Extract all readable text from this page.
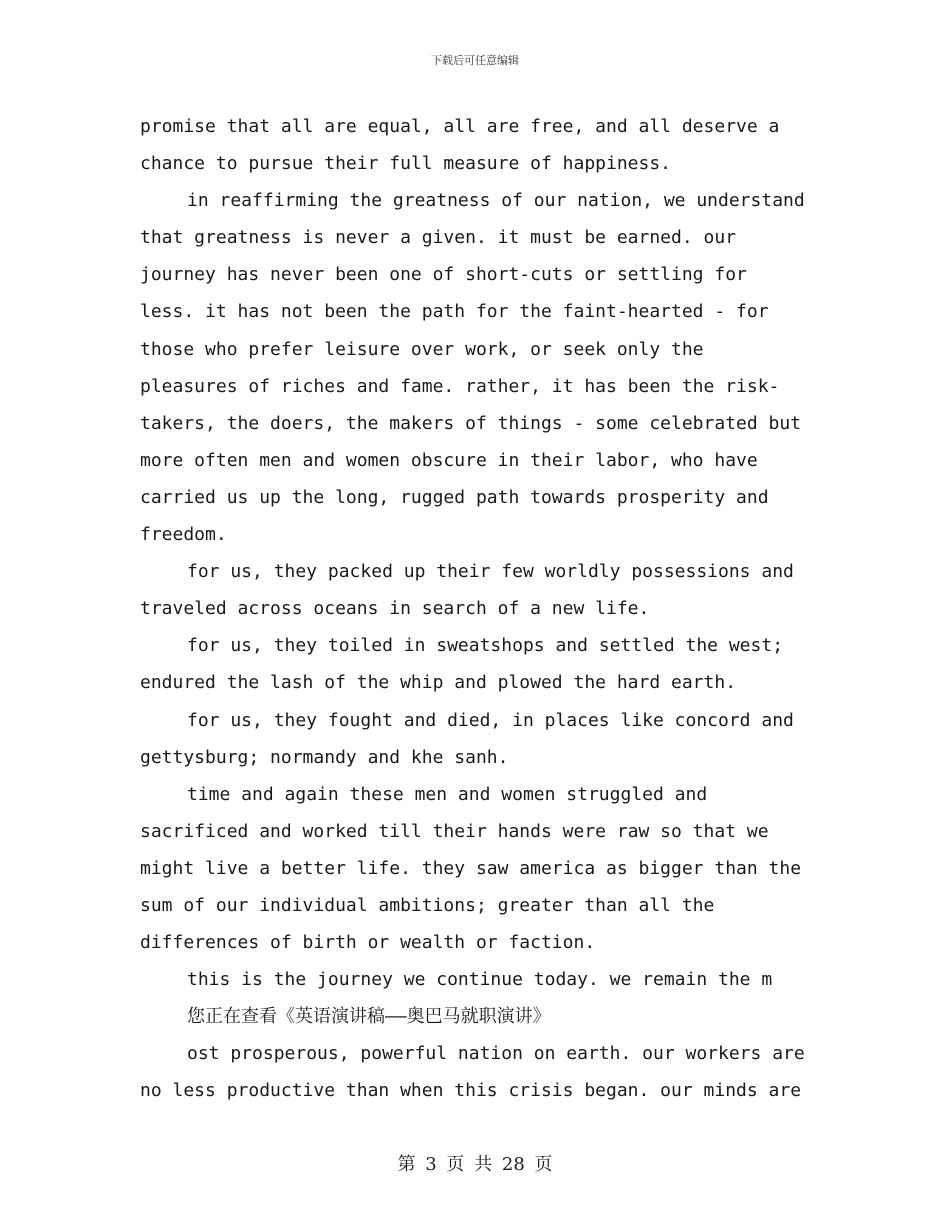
下载后可任意编辑
promise that all are equal, all are free, and all deserve a
chance to pursue their full measure of happiness.
in reaffirming the greatness of our nation, we understand
that greatness is never a given. it must be earned. our
journey has never been one of short-cuts or settling for
less. it has not been the path for the faint-hearted - for
those who prefer leisure over work, or seek only the
pleasures of riches and fame. rather, it has been the risk-
takers, the doers, the makers of things - some celebrated but
more often men and women obscure in their labor, who have
carried us up the long, rugged path towards prosperity and
freedom.
for us, they packed up their few worldly possessions and
traveled across oceans in search of a new life.
for us, they toiled in sweatshops and settled the west;
endured the lash of the whip and plowed the hard earth.
for us, they fought and died, in places like concord and
gettysburg; normandy and khe sanh.
time and again these men and women struggled and
sacrificed and worked till their hands were raw so that we
might live a better life. they saw america as bigger than the
sum of our individual ambitions; greater than all the
differences of birth or wealth or faction.
this is the journey we continue today. we remain the m
您正在查看《英语演讲稿——奥巴马就职演讲》
ost prosperous, powerful nation on earth. our workers are
no less productive than when this crisis began. our minds are
第 3 页 共 28 页
